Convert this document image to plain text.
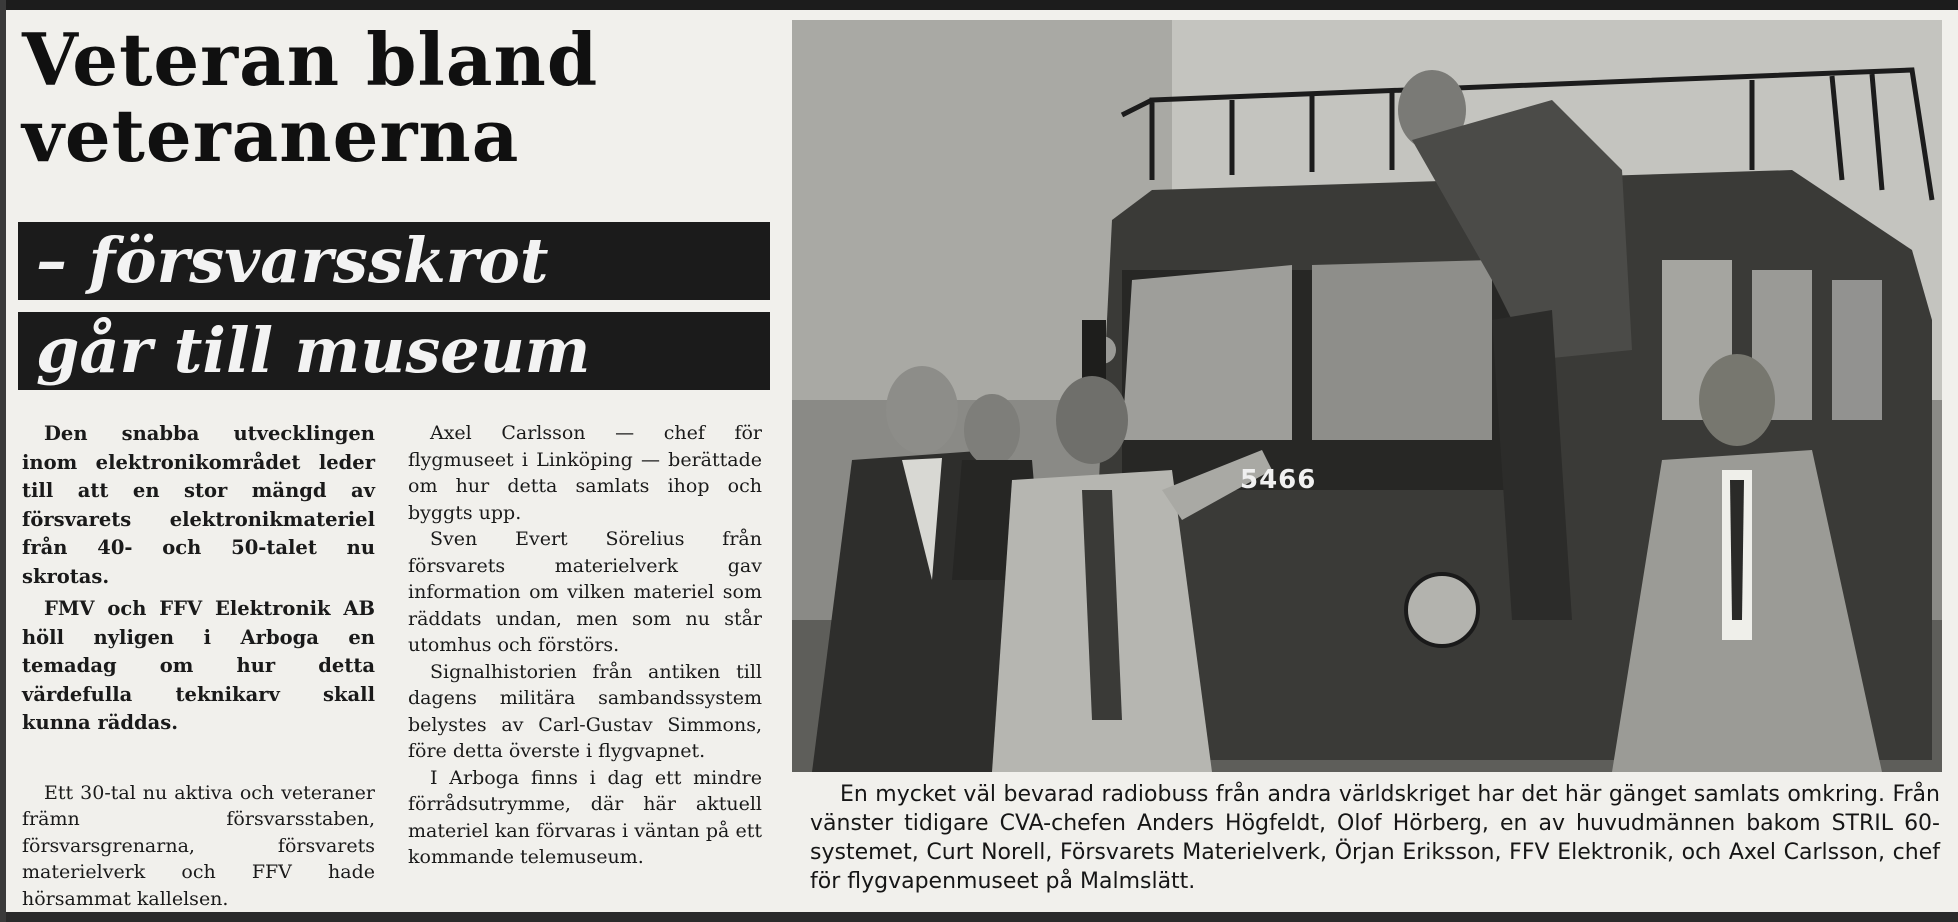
Veteran bland
veteranerna
– försvarsskrot
går till museum

Den snabba utvecklingen inom elektronikområdet leder till att en stor mängd av försvarets elektronikmateriel från 40- och 50-talet nu skrotas.

FMV och FFV Elektronik AB höll nyligen i Arboga en temadag om hur detta värdefulla teknikarv skall kunna räddas.

Ett 30-tal nu aktiva och veteraner främn försvarsstaben, försvarsgrenarna, försvarets materielverk och FFV hade hörsammat kallelsen.

Axel Carlsson — chef för flygmuseet i Linköping — berättade om hur detta samlats ihop och byggts upp.

Sven Evert Sörelius från försvarets materielverk gav information om vilken materiel som räddats undan, men som nu står utomhus och förstörs.

Signalhistorien från antiken till dagens militära sambandssystem belystes av Carl-Gustav Simmons, före detta överste i flygvapnet.

I Arboga finns i dag ett mindre förrådsutrymme, där här aktuell materiel kan förvaras i väntan på ett kommande telemuseum.

5466

En mycket väl bevarad radiobuss från andra världskriget har det här gänget samlats omkring. Från vänster tidigare CVA-chefen Anders Högfeldt, Olof Hörberg, en av huvudmännen bakom STRIL 60-systemet, Curt Norell, Försvarets Materielverk, Örjan Eriksson, FFV Elektronik, och Axel Carlsson, chef för flygvapenmuseet på Malmslätt.
